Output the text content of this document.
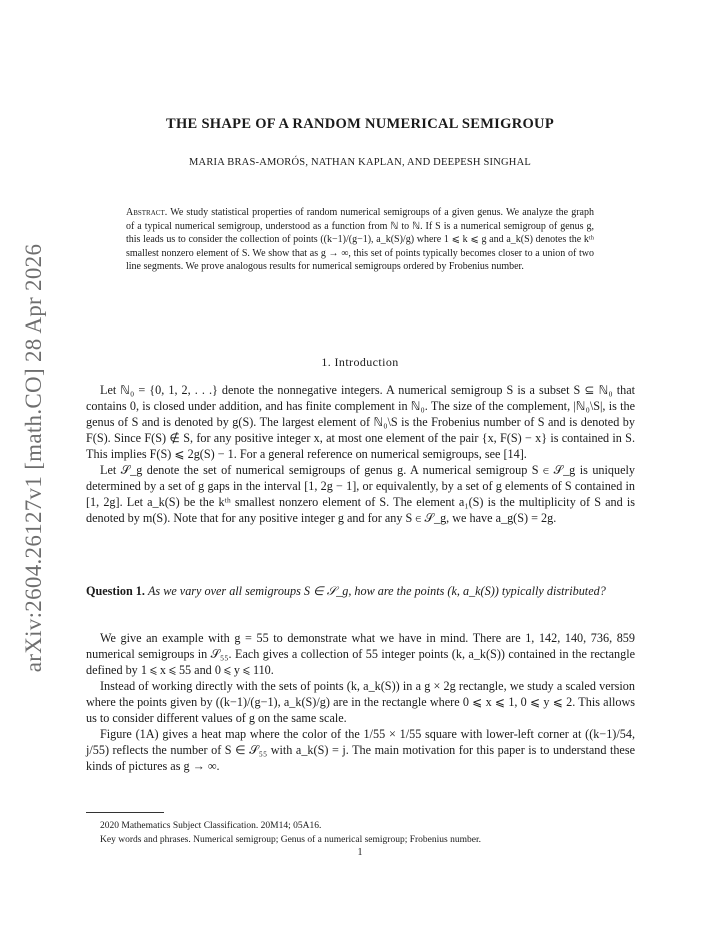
arXiv:2604.26127v1 [math.CO] 28 Apr 2026
THE SHAPE OF A RANDOM NUMERICAL SEMIGROUP
MARIA BRAS-AMORÓS, NATHAN KAPLAN, AND DEEPESH SINGHAL
Abstract. We study statistical properties of random numerical semigroups of a given genus. We analyze the graph of a typical numerical semigroup, understood as a function from ℕ to ℕ. If S is a numerical semigroup of genus g, this leads us to consider the collection of points ((k−1)/(g−1), a_k(S)/g) where 1 ⩽ k ⩽ g and a_k(S) denotes the kᵗʰ smallest nonzero element of S. We show that as g → ∞, this set of points typically becomes closer to a union of two line segments. We prove analogous results for numerical semigroups ordered by Frobenius number.
1. Introduction

Let ℕ₀ = {0, 1, 2, . . .} denote the nonnegative integers. A numerical semigroup S is a subset S ⊆ ℕ₀ that contains 0, is closed under addition, and has finite complement in ℕ₀. The size of the complement, |ℕ₀\S|, is the genus of S and is denoted by g(S). The largest element of ℕ₀\S is the Frobenius number of S and is denoted by F(S). Since F(S) ∉ S, for any positive integer x, at most one element of the pair {x, F(S) − x} is contained in S. This implies F(S) ⩽ 2g(S) − 1. For a general reference on numerical semigroups, see [14].

Let 𝒮_g denote the set of numerical semigroups of genus g. A numerical semigroup S ∈ 𝒮_g is uniquely determined by a set of g gaps in the interval [1, 2g − 1], or equivalently, by a set of g elements of S contained in [1, 2g]. Let a_k(S) be the kᵗʰ smallest nonzero element of S. The element a₁(S) is the multiplicity of S and is denoted by m(S). Note that for any positive integer g and for any S ∈ 𝒮_g, we have a_g(S) = 2g.

Question 1. As we vary over all semigroups S ∈ 𝒮_g, how are the points (k, a_k(S)) typically distributed?

We give an example with g = 55 to demonstrate what we have in mind. There are 1, 142, 140, 736, 859 numerical semigroups in 𝒮₅₅. Each gives a collection of 55 integer points (k, a_k(S)) contained in the rectangle defined by 1 ⩽ x ⩽ 55 and 0 ⩽ y ⩽ 110.

Instead of working directly with the sets of points (k, a_k(S)) in a g × 2g rectangle, we study a scaled version where the points given by ((k−1)/(g−1), a_k(S)/g) are in the rectangle where 0 ⩽ x ⩽ 1, 0 ⩽ y ⩽ 2. This allows us to consider different values of g on the same scale.

Figure (1A) gives a heat map where the color of the 1/55 × 1/55 square with lower-left corner at ((k−1)/54, j/55) reflects the number of S ∈ 𝒮₅₅ with a_k(S) = j. The main motivation for this paper is to understand these kinds of pictures as g → ∞.

2020 Mathematics Subject Classification. 20M14; 05A16.
Key words and phrases. Numerical semigroup; Genus of a numerical semigroup; Frobenius number.
1
